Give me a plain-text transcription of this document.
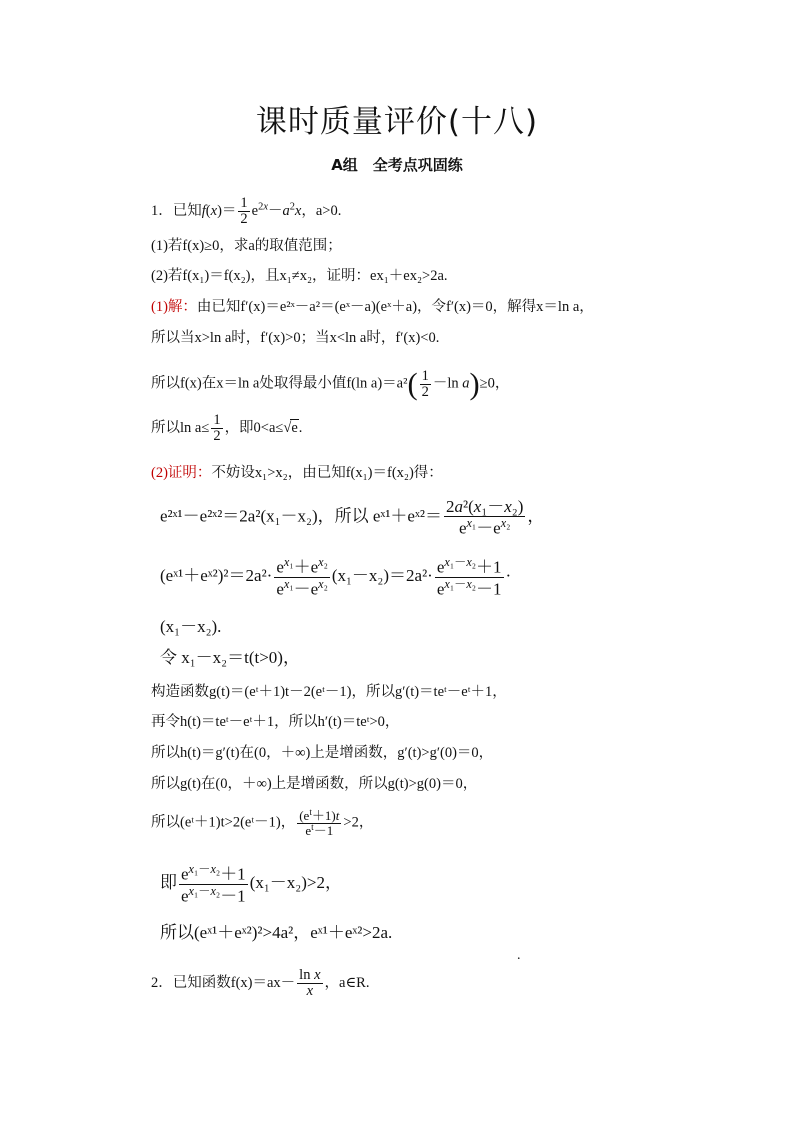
课时质量评价(十八)
A组　全考点巩固练
1．已知$f(x)= \frac{1}{2} e^{2x}-a^2x$，a>0.
(1)若f(x)≥0，求a的取值范围；
(2)若f(x₁)＝f(x₂)，且x₁≠x₂，证明：ex₁＋ex₂>2a.
(1)解：由已知f′(x)＝e²ˣ－a²＝(eˣ－a)(eˣ＋a)，令f′(x)＝0，解得x＝ln a，
所以当x>ln a时，f′(x)>0；当x<ln a时，f′(x)<0.
所以f(x)在x＝ln a处取得最小值f(ln $a)=a^2( \frac{1}{2} -\ln$ a)≥0，
所以$\ln a\le \frac{1}{2}$ ，即0<a≤√e.
(2)证明：不妨设x₁>x₂，由已知f(x₁)＝f(x₂)得：
e²ˣ¹－e²ˣ²＝2a²(x₁－x₂)，所以 eˣ¹＋eˣ²＝ $\frac{\text{2a²(x₁－x₂)}}{e^{x_1}-e^{x_2}}$ ，
(eˣ¹＋eˣ²)²＝2a²· $\frac{e^{x_1}+e^{x_2}}{e^{x_1}-e^{x_2}} (x_1-x_2)=2a^2\cdot \frac{e^{x_1-x_2}+1}{e^{x_1-x_2}-1}$ ·
(x₁－x₂).
令 x₁－x₂＝t(t>0)，
构造函数g(t)＝(eᵗ＋1)t－2(eᵗ－1)，所以g′(t)＝teᵗ－eᵗ＋1，
再令h(t)＝teᵗ－eᵗ＋1，所以h′(t)＝teᵗ>0，
所以h(t)＝g′(t)在(0，＋∞)上是增函数，g′(t)>g′(0)＝0，
所以g(t)在(0，＋∞)上是增函数，所以g(t)>g(0)＝0，
所以(eᵗ＋1)t>2(eᵗ－1)， $\frac{(e^t+1)t}{e^t-1} >2$，
即 $\frac{e^{x_1-x_2}+1}{e^{x_1-x_2}-1} (x_1-x_2)>2$，
所以(eˣ¹＋eˣ²)²>4a²，eˣ¹＋eˣ²>2a.
.
2．已知函数$f(x)=ax- \frac{\text{ln x}}{x}$ ，a∈R.
